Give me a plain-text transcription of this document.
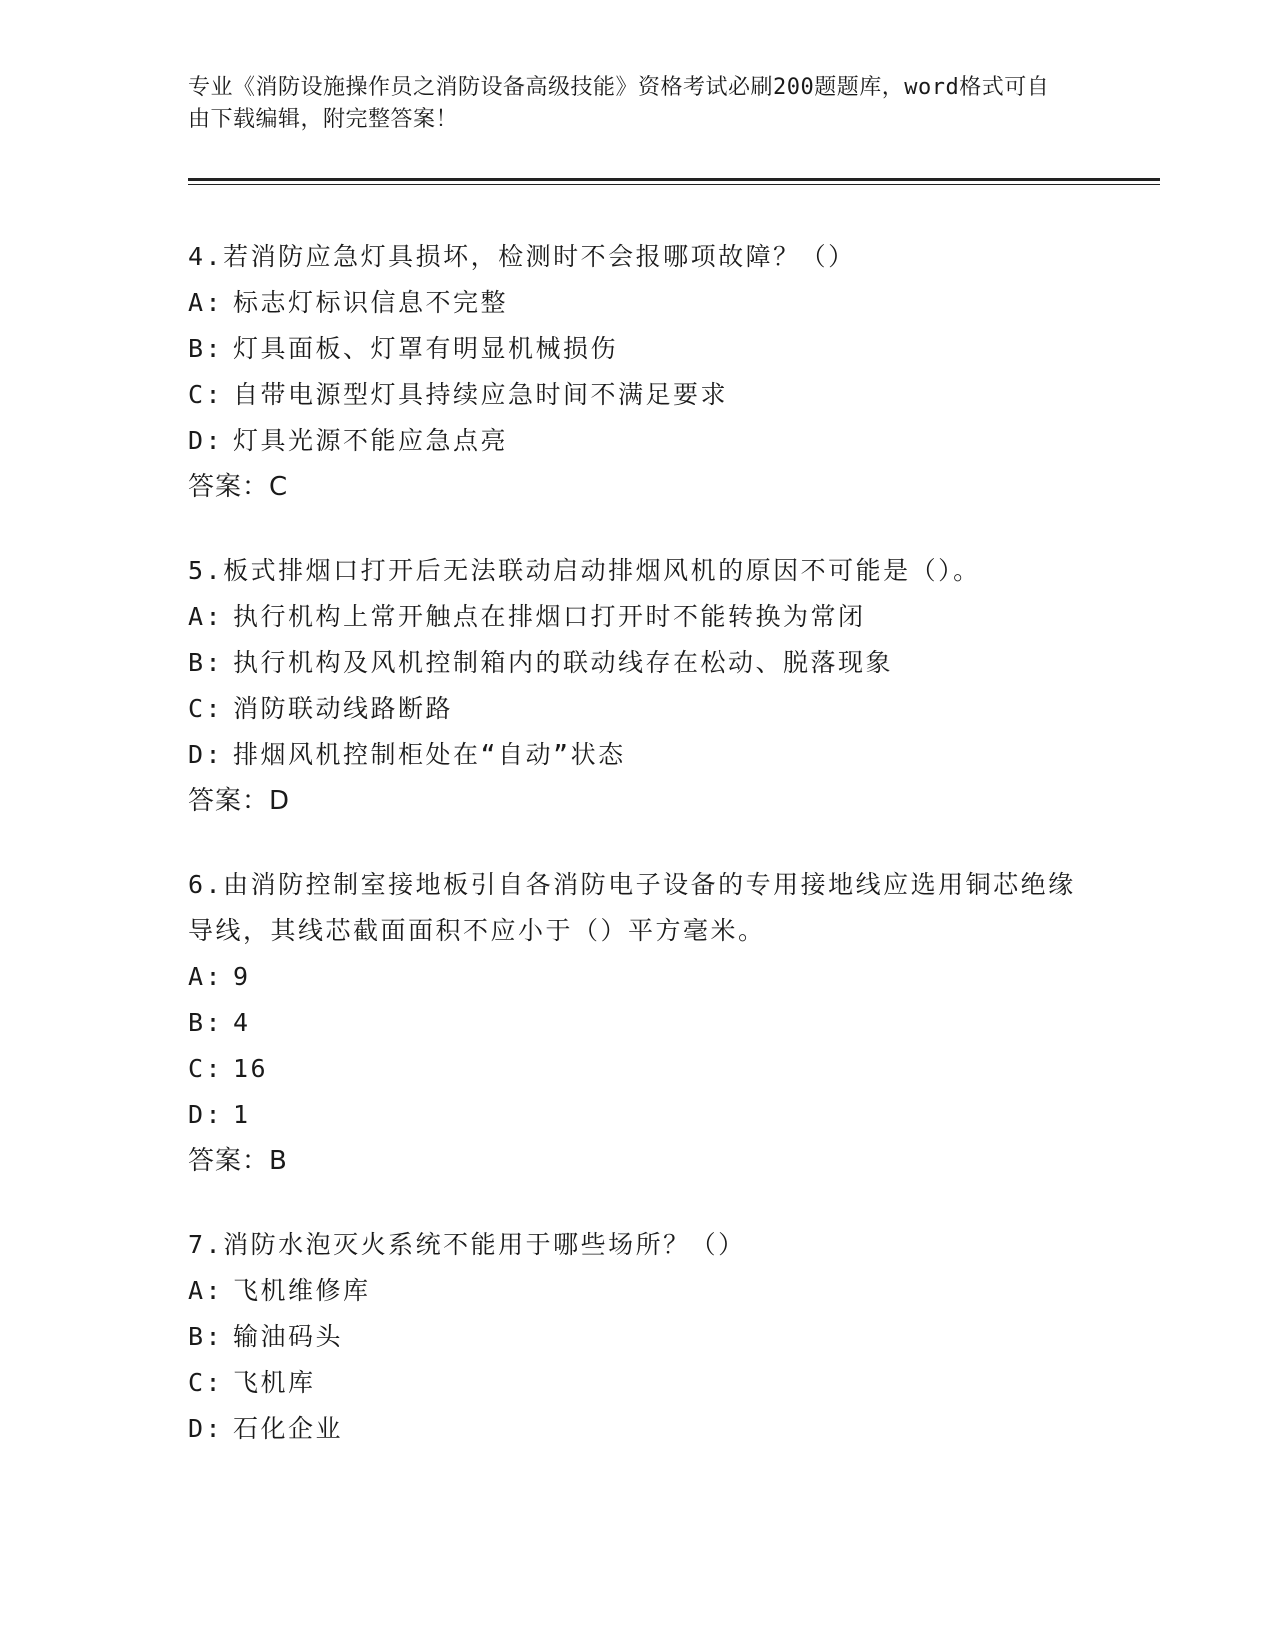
专业《消防设施操作员之消防设备高级技能》资格考试必刷200题题库，word格式可自由下载编辑，附完整答案！
4.若消防应急灯具损坏，检测时不会报哪项故障？（）
A: 标志灯标识信息不完整
B: 灯具面板、灯罩有明显机械损伤
C: 自带电源型灯具持续应急时间不满足要求
D: 灯具光源不能应急点亮
答案：C
5.板式排烟口打开后无法联动启动排烟风机的原因不可能是（）。
A: 执行机构上常开触点在排烟口打开时不能转换为常闭
B: 执行机构及风机控制箱内的联动线存在松动、脱落现象
C: 消防联动线路断路
D: 排烟风机控制柜处在“自动”状态
答案：D
6.由消防控制室接地板引自各消防电子设备的专用接地线应选用铜芯绝缘导线，其线芯截面面积不应小于（）平方毫米。
A: 9
B: 4
C: 16
D: 1
答案：B
7.消防水泡灭火系统不能用于哪些场所？（）
A: 飞机维修库
B: 输油码头
C: 飞机库
D: 石化企业
